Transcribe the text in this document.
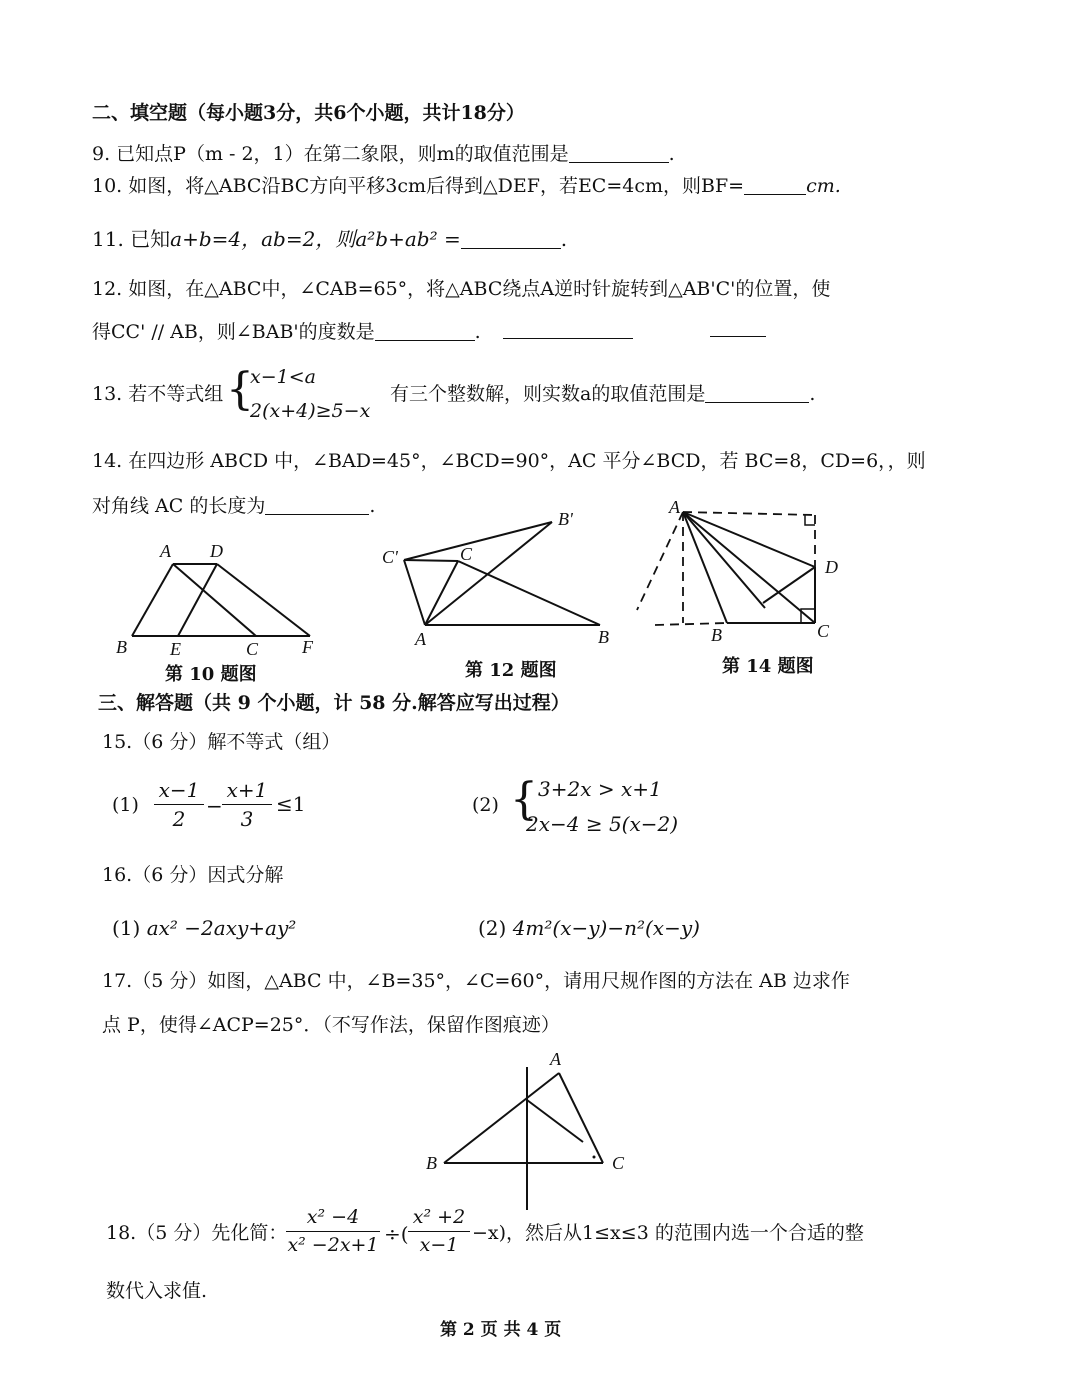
二、填空题（每小题3分，共6个小题，共计18分）
9. 已知点P（m - 2，1）在第二象限，则m的取值范围是	.
10. 如图，将△ABC沿BC方向平移3cm后得到△DEF，若EC=4cm，则BF=	cm.
11. 已知a+b=4，ab=2，则a²b+ab² =	.
12. 如图，在△ABC中，∠CAB=65°，将△ABC绕点A逆时针旋转到△AB'C'的位置，使
得CC' // AB，则∠BAB'的度数是	.
13. 若不等式组 {
x−1<a
2(x+4)≥5−x
有三个整数解，则实数a的取值范围是	.
14. 在四边形 ABCD 中，∠BAD=45°，∠BCD=90°，AC 平分∠BCD，若 BC=8，CD=6，，则
对角线 AC 的长度为	.
A D
B E	C F
第 10 题图
B'
C'	C
A	B
第 12 题图
A
D
B	C
第 14 题图
三、解答题（共 9 个小题，计 58 分.解答应写出过程）
15.（6 分）解不等式（组）
$(1) \frac{x-1}{2} - \frac{x+1}{3} \le 1$	(2) { 3+2x > x+1
2x−4 ≥ 5(x−2)
16.（6 分）因式分解
(1) ax² −2axy+ay²	(2) 4m²(x−y)−n²(x−y)
17.（5 分）如图，△ABC 中，∠B=35°，∠C=60°，请用尺规作图的方法在 AB 边求作
点 P，使得∠ACP=25°．（不写作法，保留作图痕迹）
A
B	C
18.（5 分）先化简：
$\frac{\text{x² −4}}{\text{x² −2x+1}}$ ÷( $\frac{\text{x² +2}}{x-1} -x$)，然后从1≤x≤3 的范围内选一个合适的整
数代入求值.
第 2 页 共 4 页
